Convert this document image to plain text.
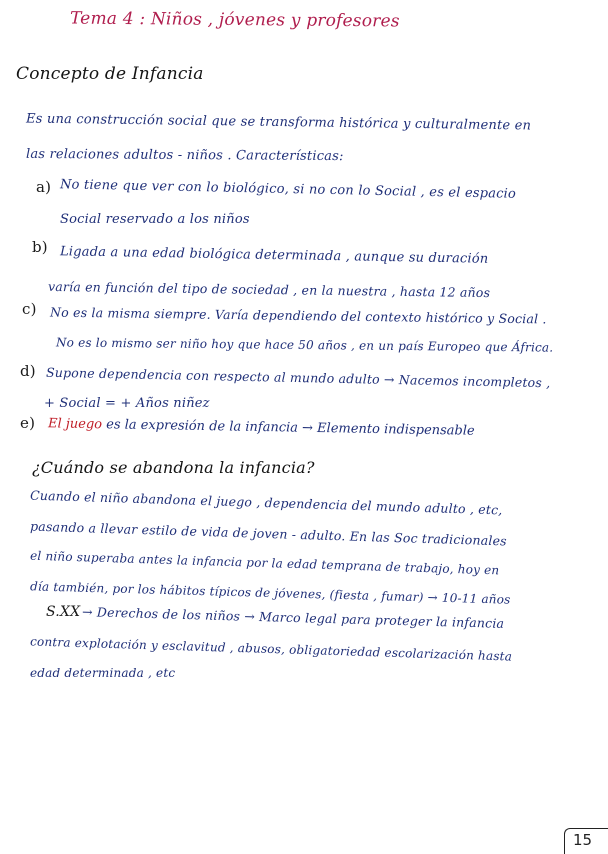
Tema 4 : Niños , jóvenes y profesores
Concepto de Infancia
Es una construcción social que se transforma histórica y culturalmente en
las relaciones adultos - niños . Características:
a) No tiene que ver con lo biológico, si no con lo Social , es el espacio
Social reservado a los niños
b) Ligada a una edad biológica determinada , aunque su duración
varía en función del tipo de sociedad , en la nuestra , hasta 12 años
c) No es la misma siempre. Varía dependiendo del contexto histórico y Social .
No es lo mismo ser niño hoy que hace 50 años , en un país Europeo que África.
d) Supone dependencia con respecto al mundo adulto → Nacemos incompletos ,
+ Social = + Años niñez
e) El juego es la expresión de la infancia → Elemento indispensable
¿Cuándo se abandona la infancia?
Cuando el niño abandona el juego , dependencia del mundo adulto , etc,
pasando a llevar estilo de vida de joven - adulto. En las Soc tradicionales
el niño superaba antes la infancia por la edad temprana de trabajo, hoy en
día también, por los hábitos típicos de jóvenes, (fiesta , fumar) → 10-11 años
S.XX → Derechos de los niños → Marco legal para proteger la infancia
contra explotación y esclavitud , abusos, obligatoriedad escolarización hasta
edad determinada , etc
15
